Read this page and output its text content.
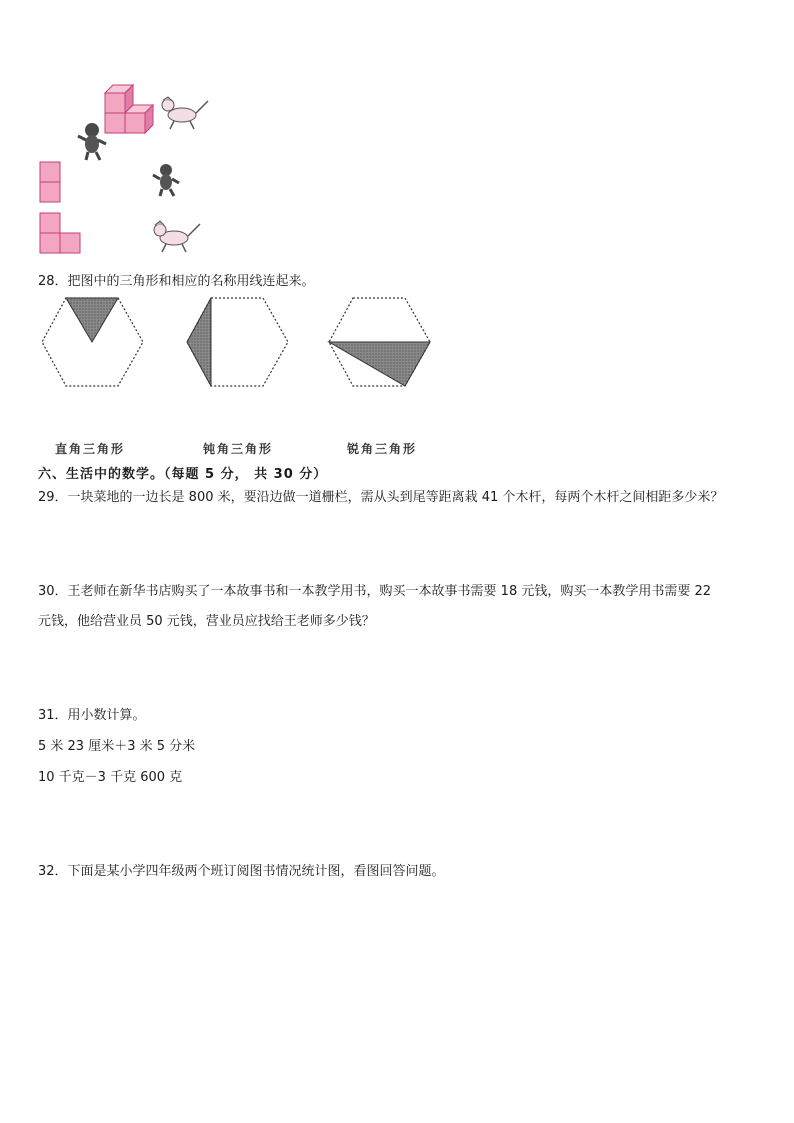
28．把图中的三角形和相应的名称用线连起来。
直角三角形	钝角三角形	锐角三角形
六、生活中的数学。（每题 5 分， 共 30 分）
29．一块菜地的一边长是 800 米，要沿边做一道栅栏，需从头到尾等距离栽 41 个木杆，每两个木杆之间相距多少米？
30．王老师在新华书店购买了一本故事书和一本教学用书，购买一本故事书需要 18 元钱，购买一本教学用书需要 22
元钱，他给营业员 50 元钱，营业员应找给王老师多少钱？
31．用小数计算。
5 米 23 厘米＋3 米 5 分米
10 千克－3 千克 600 克
32．下面是某小学四年级两个班订阅图书情况统计图，看图回答问题。
